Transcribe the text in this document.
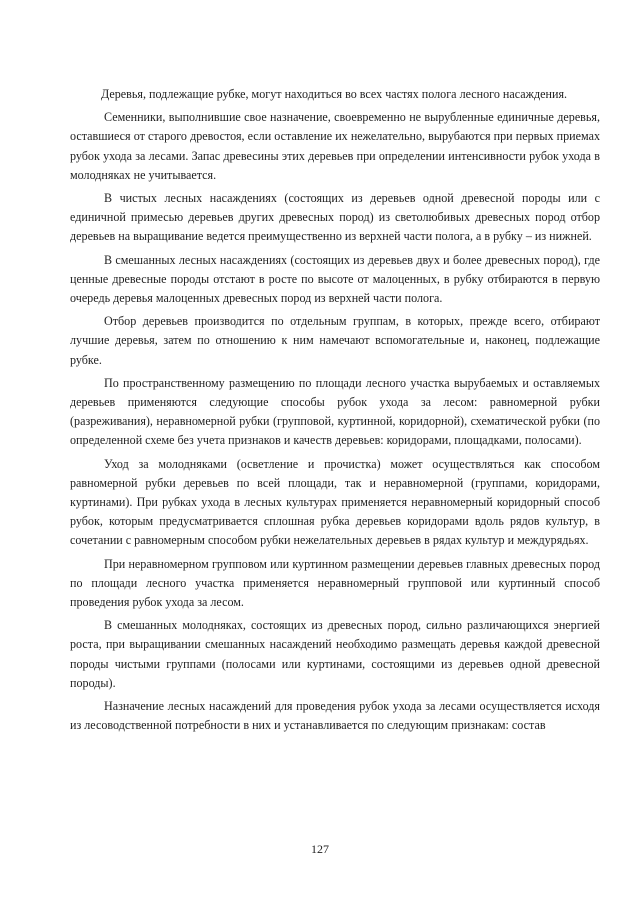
Деревья, подлежащие рубке, могут находиться во всех частях полога лесного насаждения.

Семенники, выполнившие свое назначение, своевременно не вырубленные единичные деревья, оставшиеся от старого древостоя, если оставление их нежелательно, вырубаются при первых приемах рубок ухода за лесами. Запас древесины этих деревьев при определении интенсивности рубок ухода в молодняках не учитывается.

В чистых лесных насаждениях (состоящих из деревьев одной древесной породы или с единичной примесью деревьев других древесных пород) из светолюбивых древесных пород отбор деревьев на выращивание ведется преимущественно из верхней части полога, а в рубку – из нижней.

В смешанных лесных насаждениях (состоящих из деревьев двух и более древесных пород), где ценные древесные породы отстают в росте по высоте от малоценных, в рубку отбираются в первую очередь деревья малоценных древесных пород из верхней части полога.

Отбор деревьев производится по отдельным группам, в которых, прежде всего, отбирают лучшие деревья, затем по отношению к ним намечают вспомогательные и, наконец, подлежащие рубке.

По пространственному размещению по площади лесного участка вырубаемых и оставляемых деревьев применяются следующие способы рубок ухода за лесом: равномерной рубки (разреживания), неравномерной рубки (групповой, куртинной, коридорной), схематической рубки (по определенной схеме без учета признаков и качеств деревьев: коридорами, площадками, полосами).

Уход за молодняками (осветление и прочистка) может осуществляться как способом равномерной рубки деревьев по всей площади, так и неравномерной (группами, коридорами, куртинами). При рубках ухода в лесных культурах применяется неравномерный коридорный способ рубок, которым предусматривается сплошная рубка деревьев коридорами вдоль рядов культур, в сочетании с равномерным способом рубки нежелательных деревьев в рядах культур и междурядьях.

При неравномерном групповом или куртинном размещении деревьев главных древесных пород по площади лесного участка применяется неравномерный групповой или куртинный способ проведения рубок ухода за лесом.

В смешанных молодняках, состоящих из древесных пород, сильно различающихся энергией роста, при выращивании смешанных насаждений необходимо размещать деревья каждой древесной породы чистыми группами (полосами или куртинами, состоящими из деревьев одной древесной породы).

Назначение лесных насаждений для проведения рубок ухода за лесами осуществляется исходя из лесоводственной потребности в них и устанавливается по следующим признакам: состав

127
